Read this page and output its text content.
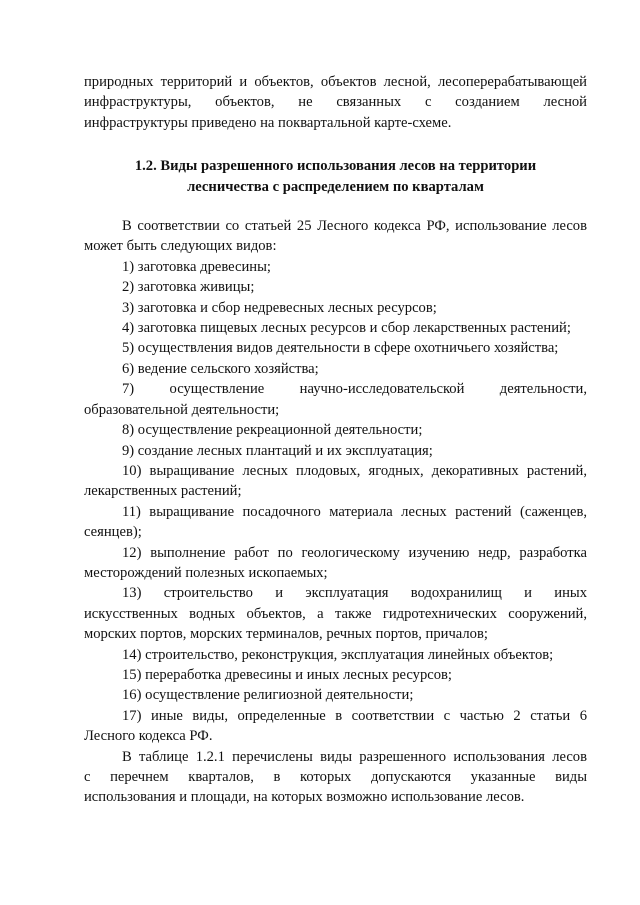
природных территорий и объектов, объектов лесной, лесоперерабатывающей
инфраструктуры, объектов, не связанных с созданием лесной
инфраструктуры приведено на поквартальной карте-схеме.
1.2. Виды разрешенного использования лесов на территории
лесничества с распределением по кварталам
В соответствии со статьей 25 Лесного кодекса РФ, использование лесов
может быть следующих видов:
1) заготовка древесины;
2) заготовка живицы;
3) заготовка и сбор недревесных лесных ресурсов;
4) заготовка пищевых лесных ресурсов и сбор лекарственных растений;
5) осуществления видов деятельности в сфере охотничьего хозяйства;
6) ведение сельского хозяйства;
7) осуществление научно-исследовательской деятельности,
образовательной деятельности;
8) осуществление рекреационной деятельности;
9) создание лесных плантаций и их эксплуатация;
10) выращивание лесных плодовых, ягодных, декоративных растений,
лекарственных растений;
11) выращивание посадочного материала лесных растений (саженцев,
сеянцев);
12) выполнение работ по геологическому изучению недр, разработка
месторождений полезных ископаемых;
13) строительство и эксплуатация водохранилищ и иных
искусственных водных объектов, а также гидротехнических сооружений,
морских портов, морских терминалов, речных портов, причалов;
14) строительство, реконструкция, эксплуатация линейных объектов;
15) переработка древесины и иных лесных ресурсов;
16) осуществление религиозной деятельности;
17) иные виды, определенные в соответствии с частью 2 статьи 6
Лесного кодекса РФ.
В таблице 1.2.1 перечислены виды разрешенного использования лесов
с перечнем кварталов, в которых допускаются указанные виды
использования и площади, на которых возможно использование лесов.
